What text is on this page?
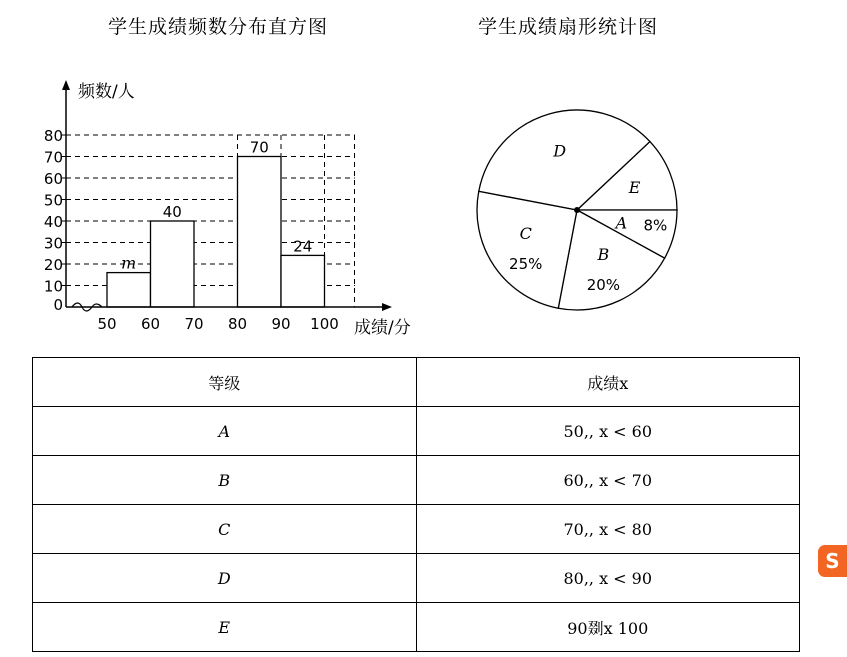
学生成绩频数分布直方图	学生成绩扇形统计图
0
10
20
30
40
50
60
70
80
m
40
70
24
50 60 70 80 90 100
频数/人
成绩/分
E
A 8%
B
20%
C
25%
D
等级	成绩x
A	50,, x < 60
B	60,, x < 70
C	70,, x < 80
D	80,, x < 90
E	90剟x 100
S
